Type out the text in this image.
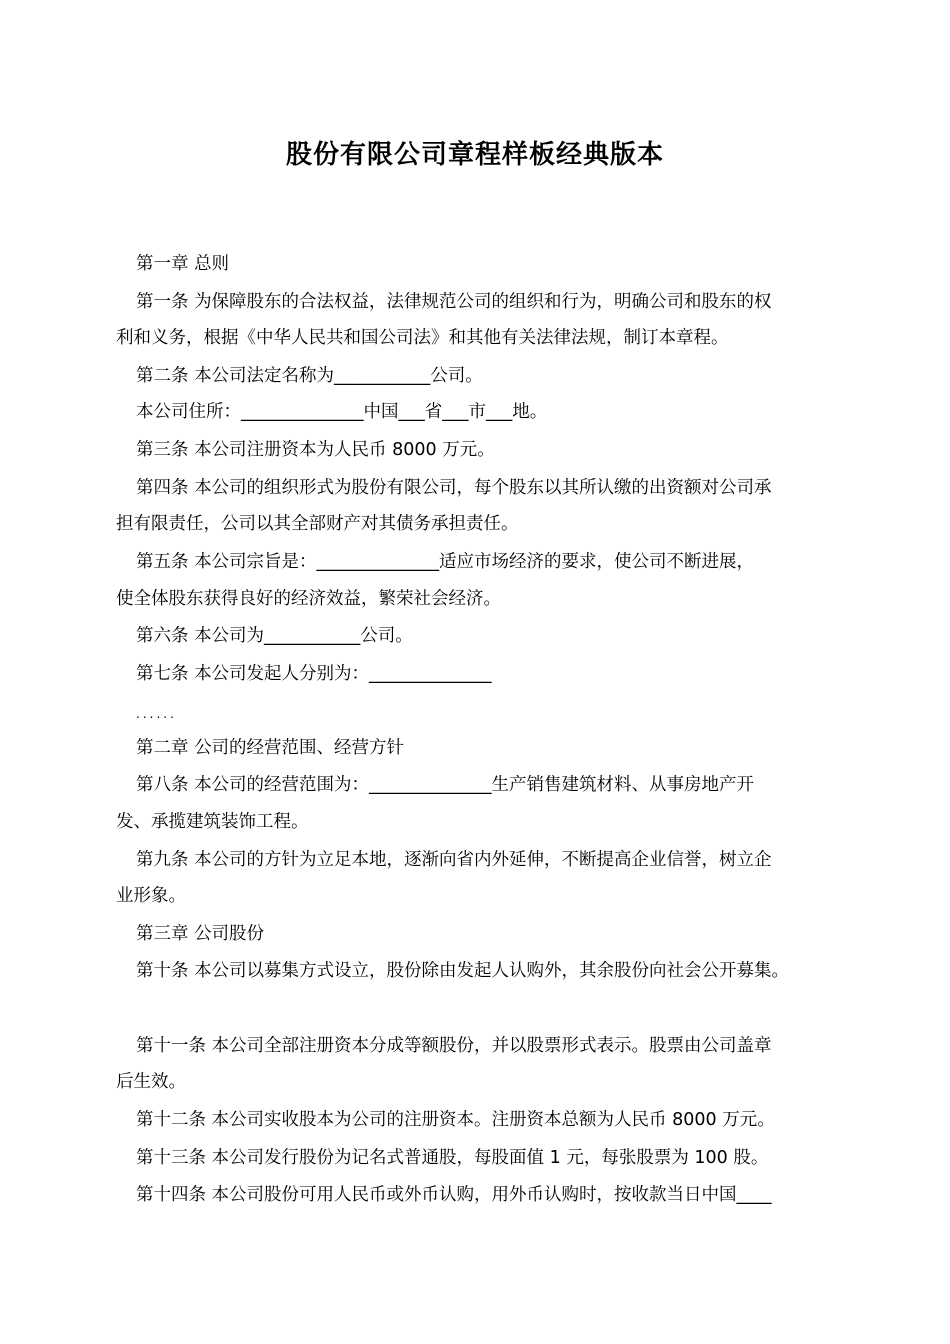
股份有限公司章程样板经典版本

第一章 总则

第一条 为保障股东的合法权益，法律规范公司的组织和行为，明确公司和股东的权

利和义务，根据《中华人民共和国公司法》和其他有关法律法规，制订本章程。

第二条 本公司法定名称为___________公司。

本公司住所：______________中国___省___市___地。

第三条 本公司注册资本为人民币 8000 万元。

第四条 本公司的组织形式为股份有限公司，每个股东以其所认缴的出资额对公司承

担有限责任，公司以其全部财产对其债务承担责任。

第五条 本公司宗旨是：______________适应市场经济的要求，使公司不断进展，

使全体股东获得良好的经济效益，繁荣社会经济。

第六条 本公司为___________公司。

第七条 本公司发起人分别为：______________

......

第二章 公司的经营范围、经营方针

第八条 本公司的经营范围为：______________生产销售建筑材料、从事房地产开

发、承揽建筑装饰工程。

第九条 本公司的方针为立足本地，逐渐向省内外延伸，不断提高企业信誉，树立企

业形象。

第三章 公司股份

第十条 本公司以募集方式设立，股份除由发起人认购外，其余股份向社会公开募集。

第十一条 本公司全部注册资本分成等额股份，并以股票形式表示。股票由公司盖章

后生效。

第十二条 本公司实收股本为公司的注册资本。注册资本总额为人民币 8000 万元。

第十三条 本公司发行股份为记名式普通股，每股面值 1 元，每张股票为 100 股。

第十四条 本公司股份可用人民币或外币认购，用外币认购时，按收款当日中国____
